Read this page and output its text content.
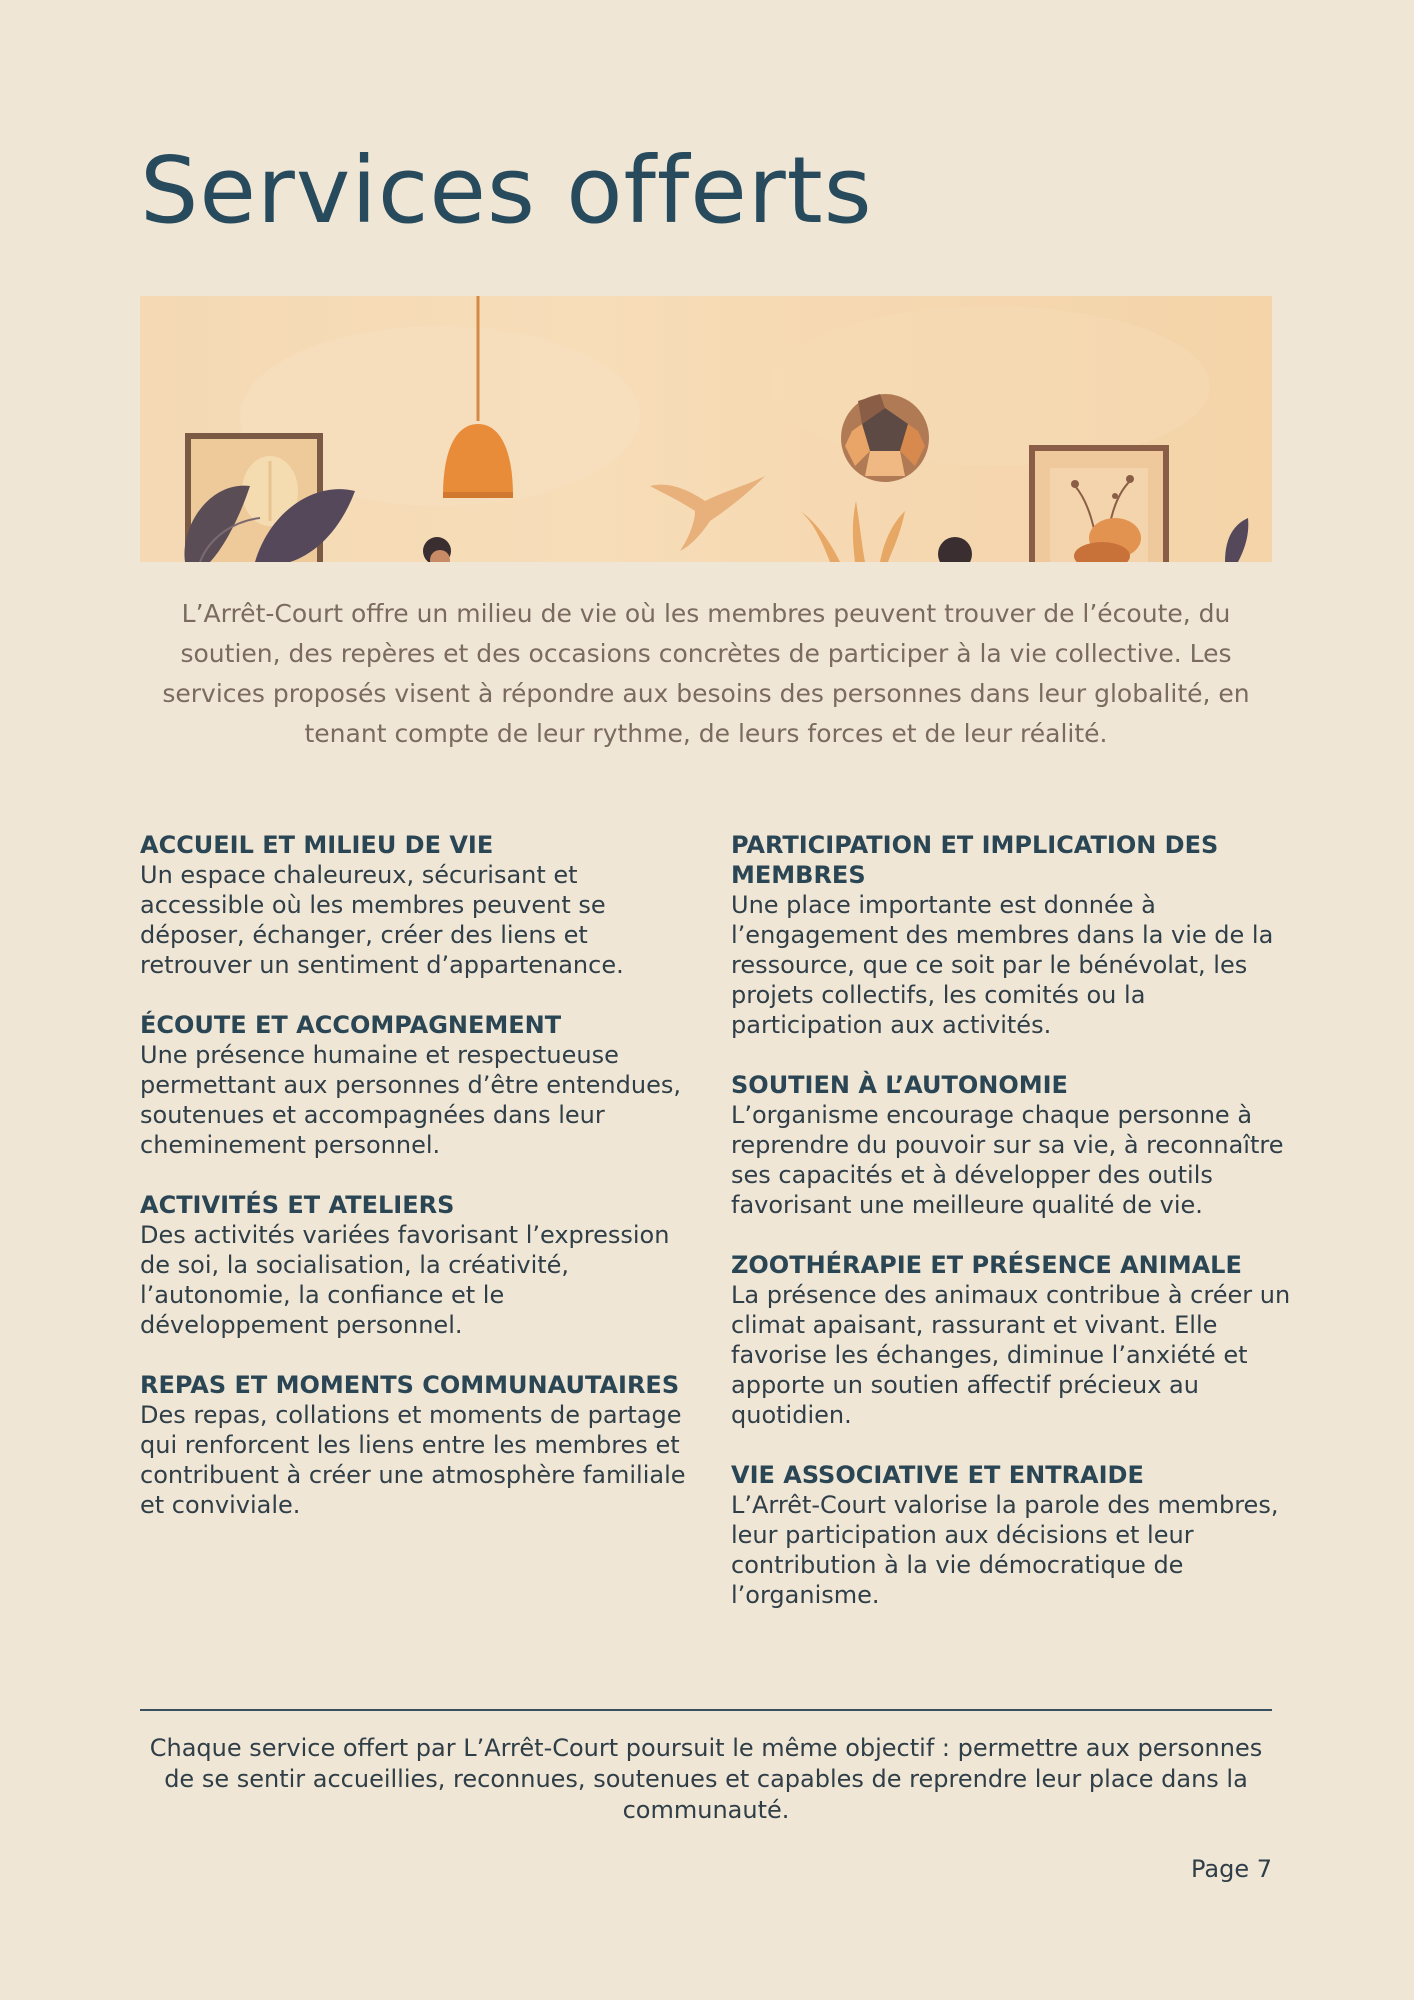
Services offerts

L’Arrêt-Court offre un milieu de vie où les membres peuvent trouver de l’écoute, du soutien, des repères et des occasions concrètes de participer à la vie collective. Les services proposés visent à répondre aux besoins des personnes dans leur globalité, en tenant compte de leur rythme, de leurs forces et de leur réalité.

ACCUEIL ET MILIEU DE VIE

Un espace chaleureux, sécurisant et accessible où les membres peuvent se déposer, échanger, créer des liens et retrouver un sentiment d’appartenance.

ÉCOUTE ET ACCOMPAGNEMENT

Une présence humaine et respectueuse permettant aux personnes d’être entendues, soutenues et accompagnées dans leur cheminement personnel.

ACTIVITÉS ET ATELIERS

Des activités variées favorisant l’expression de soi, la socialisation, la créativité, l’autonomie, la confiance et le développement personnel.

REPAS ET MOMENTS COMMUNAUTAIRES

Des repas, collations et moments de partage qui renforcent les liens entre les membres et contribuent à créer une atmosphère familiale et conviviale.

PARTICIPATION ET IMPLICATION DES MEMBRES

Une place importante est donnée à l’engagement des membres dans la vie de la ressource, que ce soit par le bénévolat, les projets collectifs, les comités ou la participation aux activités.

SOUTIEN À L’AUTONOMIE

L’organisme encourage chaque personne à reprendre du pouvoir sur sa vie, à reconnaître ses capacités et à développer des outils favorisant une meilleure qualité de vie.

ZOOTHÉRAPIE ET PRÉSENCE ANIMALE

La présence des animaux contribue à créer un climat apaisant, rassurant et vivant. Elle favorise les échanges, diminue l’anxiété et apporte un soutien affectif précieux au quotidien.

VIE ASSOCIATIVE ET ENTRAIDE

L’Arrêt-Court valorise la parole des membres, leur participation aux décisions et leur contribution à la vie démocratique de l’organisme.

Chaque service offert par L’Arrêt-Court poursuit le même objectif : permettre aux personnes de se sentir accueillies, reconnues, soutenues et capables de reprendre leur place dans la communauté.

Page 7
